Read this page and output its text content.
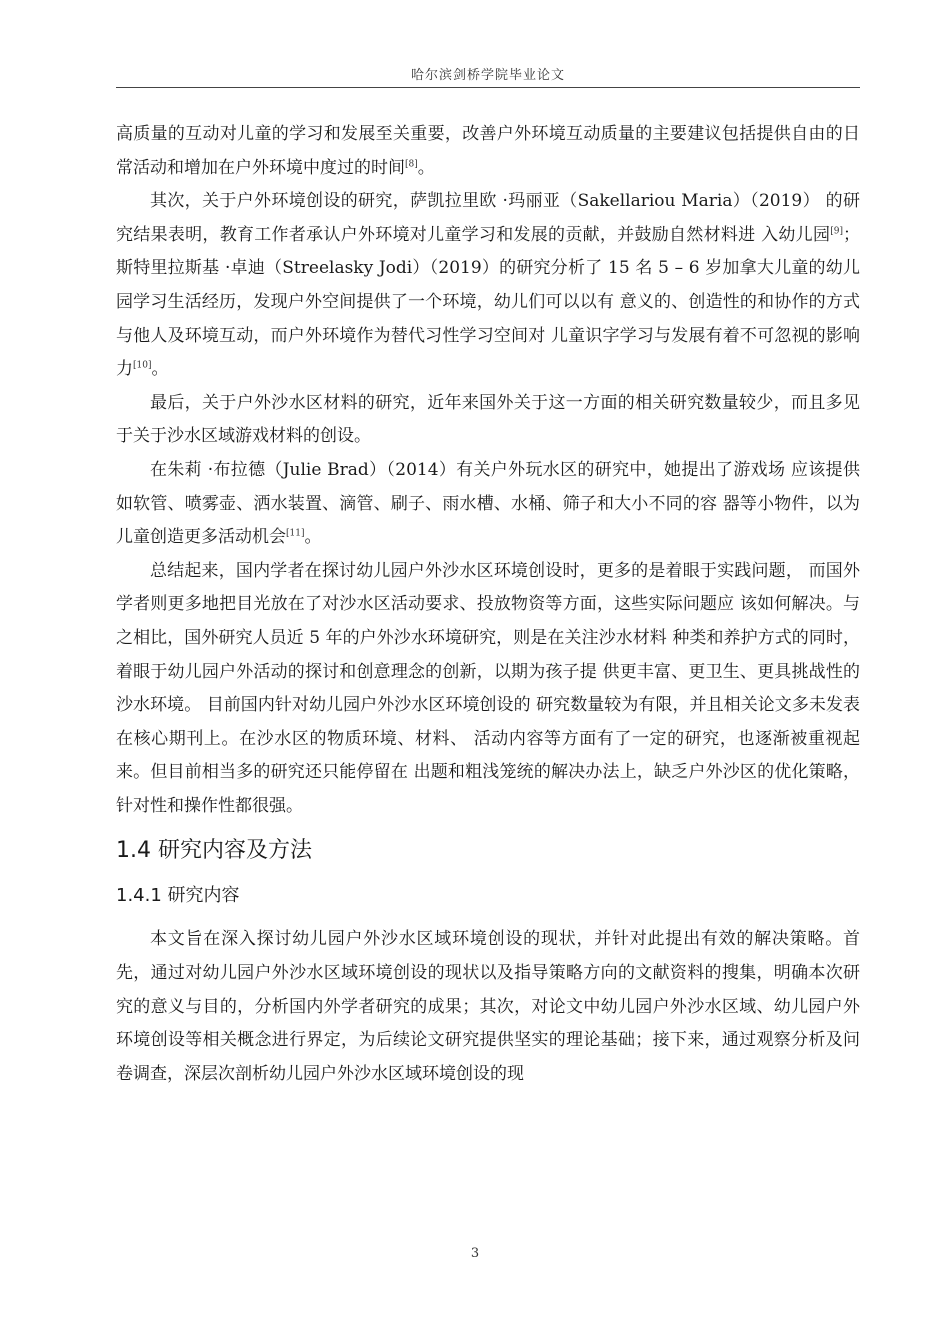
哈尔滨剑桥学院毕业论文

高质量的互动对儿童的学习和发展至关重要，改善户外环境互动质量的主要建议包括提供自由的日常活动和增加在户外环境中度过的时间[8]。

其次，关于户外环境创设的研究，萨凯拉里欧 ·玛丽亚（Sakellariou Maria）（2019） 的研究结果表明，教育工作者承认户外环境对儿童学习和发展的贡献，并鼓励自然材料进 入幼儿园[9]；斯特里拉斯基 ·卓迪（Streelasky Jodi）（2019）的研究分析了 15 名 5 – 6 岁加拿大儿童的幼儿园学习生活经历，发现户外空间提供了一个环境，幼儿们可以以有 意义的、创造性的和协作的方式与他人及环境互动，而户外环境作为替代习性学习空间对 儿童识字学习与发展有着不可忽视的影响力[10]。

最后，关于户外沙水区材料的研究，近年来国外关于这一方面的相关研究数量较少，而且多见于关于沙水区域游戏材料的创设。

在朱莉 ·布拉德（Julie Brad）（2014）有关户外玩水区的研究中，她提出了游戏场 应该提供如软管、喷雾壶、洒水装置、滴管、刷子、雨水槽、水桶、筛子和大小不同的容 器等小物件，以为儿童创造更多活动机会[11]。

总结起来，国内学者在探讨幼儿园户外沙水区环境创设时，更多的是着眼于实践问题， 而国外学者则更多地把目光放在了对沙水区活动要求、投放物资等方面，这些实际问题应 该如何解决。与之相比，国外研究人员近 5 年的户外沙水环境研究，则是在关注沙水材料 种类和养护方式的同时，着眼于幼儿园户外活动的探讨和创意理念的创新，以期为孩子提 供更丰富、更卫生、更具挑战性的沙水环境。 目前国内针对幼儿园户外沙水区环境创设的 研究数量较为有限，并且相关论文多未发表在核心期刊上。在沙水区的物质环境、材料、 活动内容等方面有了一定的研究，也逐渐被重视起来。但目前相当多的研究还只能停留在 出题和粗浅笼统的解决办法上，缺乏户外沙区的优化策略，针对性和操作性都很强。

1.4 研究内容及方法
1.4.1 研究内容

本文旨在深入探讨幼儿园户外沙水区域环境创设的现状，并针对此提出有效的解决策略。首先，通过对幼儿园户外沙水区域环境创设的现状以及指导策略方向的文献资料的搜集，明确本次研究的意义与目的，分析国内外学者研究的成果；其次，对论文中幼儿园户外沙水区域、幼儿园户外环境创设等相关概念进行界定，为后续论文研究提供坚实的理论基础；接下来，通过观察分析及问卷调查，深层次剖析幼儿园户外沙水区域环境创设的现

3
